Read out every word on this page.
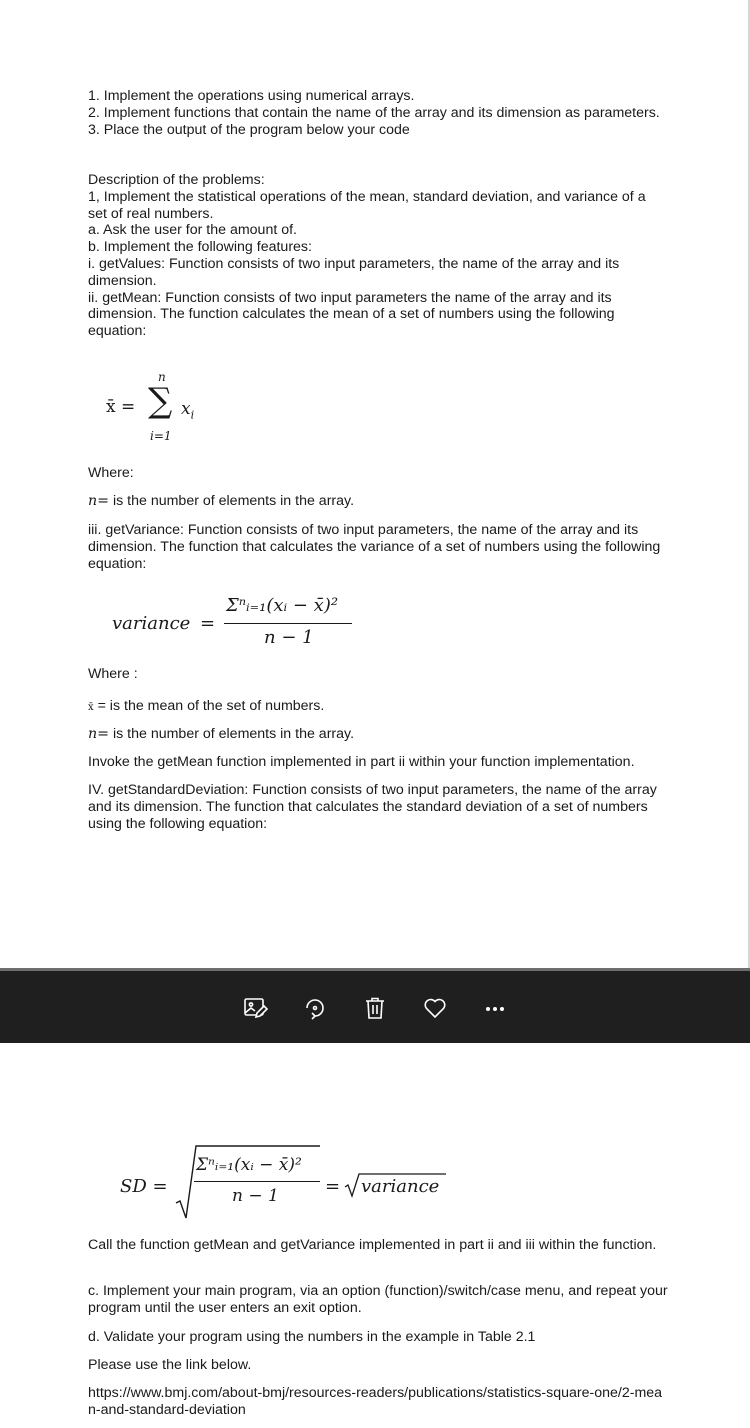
1. Implement the operations using numerical arrays.

2. Implement functions that contain the name of the array and its dimension as parameters.

3. Place the output of the program below your code

Description of the problems:

1, Implement the statistical operations of the mean, standard deviation, and variance of a set of real numbers.

a. Ask the user for the amount of.

b. Implement the following features:

i. getValues: Function consists of two input parameters, the name of the array and its dimension.

ii. getMean: Function consists of two input parameters the name of the array and its dimension. The function calculates the mean of a set of numbers using the following equation:

x̄ =
n
∑
i=1
$x_i$
Where:
n= is the number of elements in the array.
iii. getVariance: Function consists of two input parameters, the name of the array and its dimension. The function that calculates the variance of a set of numbers using the following equation:
variance =
Σⁿᵢ₌₁(xᵢ − x̄)²
n − 1
Where :
x̄ = is the mean of the set of numbers.
n= is the number of elements in the array.
Invoke the getMean function implemented in part ii within your function implementation.
IV. getStandardDeviation: Function consists of two input parameters, the name of the array and its dimension. The function that calculates the standard deviation of a set of numbers using the following equation:
SD =
Σⁿᵢ₌₁(xᵢ − x̄)²
n − 1	= variance
Call the function getMean and getVariance implemented in part ii and iii within the function.
c. Implement your main program, via an option (function)/switch/case menu, and repeat your program until the user enters an exit option.
d. Validate your program using the numbers in the example in Table 2.1
Please use the link below.
https://www.bmj.com/about-bmj/resources-readers/publications/statistics-square-one/2-mean-and-standard-deviation
